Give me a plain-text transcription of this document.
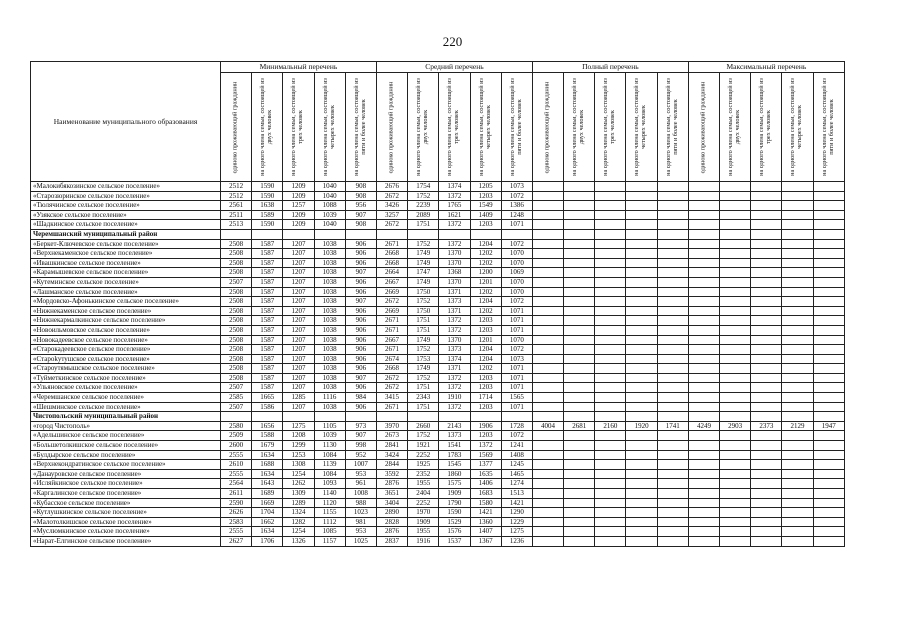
220
Наименование муниципального образования	Минимальный перечень					Средний перечень					Полный перечень					Максимальный перечень				

	одиноко проживающий гражданин	на одного члена семьи, состоящей из двух человек	на одного члена семьи, состоящей из трех человек	на одного члена семьи, состоящей из четырех человек	на одного члена семьи, состоящей из пяти и более человек	одиноко проживающий гражданин	на одного члена семьи, состоящей из двух человек	на одного члена семьи, состоящей из трех человек	на одного члена семьи, состоящей из четырех человек	на одного члена семьи, состоящей из пяти и более человек	одиноко проживающий гражданин	на одного члена семьи, состоящей из двух человек	на одного члена семьи, состоящей из трех человек	на одного члена семьи, состоящей из четырех человек	на одного члена семьи, состоящей из пяти и более человек	одиноко проживающий гражданин	на одного члена семьи, состоящей из двух человек	на одного члена семьи, состоящей из трех человек	на одного члена семьи, состоящей из четырех человек	на одного члена семьи, состоящей из пяти и более человек

«Малокибякозинское сельское поселение»	2512	1590	1209	1040	908	2676	1754	1374	1205	1073										
«Старозюринское сельское поселение»	2512	1590	1209	1040	908	2672	1752	1372	1203	1072										
«Тюлячинское сельское поселение»	2561	1638	1257	1088	956	3426	2239	1765	1549	1386										
«Узякское сельское поселение»	2511	1589	1209	1039	907	3257	2089	1621	1409	1248										
«Шадкинское сельское поселение»	2513	1590	1209	1040	908	2672	1751	1372	1203	1071										
Черемшанский муниципальный район																				
«Беркет-Ключевское сельское поселение»	2508	1587	1207	1038	906	2671	1752	1372	1204	1072										
«Верхнекаменское сельское поселение»	2508	1587	1207	1038	906	2668	1749	1370	1202	1070										
«Ивашкинское сельское поселение»	2508	1587	1207	1038	906	2668	1749	1370	1202	1070										
«Карамышевское сельское поселение»	2508	1587	1207	1038	907	2664	1747	1368	1200	1069										
«Кутеминское сельское поселение»	2507	1587	1207	1038	906	2667	1749	1370	1201	1070										
«Лашманское сельское поселение»	2508	1587	1207	1038	906	2669	1750	1371	1202	1070										
«Мордовско-Афонькинское сельское поселение»	2508	1587	1207	1038	907	2672	1752	1373	1204	1072										
«Нижнекаменское сельское поселение»	2508	1587	1207	1038	906	2669	1750	1371	1202	1071										
«Нижнекармалкинское сельское поселение»	2508	1587	1207	1038	906	2671	1751	1372	1203	1071										
«Новоильмовское сельское поселение»	2508	1587	1207	1038	906	2671	1751	1372	1203	1071										
«Новокадеевское сельское поселение»	2508	1587	1207	1038	906	2667	1749	1370	1201	1070										
«Старокадеевское сельское поселение»	2508	1587	1207	1038	906	2671	1752	1373	1204	1072										
«Староkутушское сельское поселение»	2508	1587	1207	1038	906	2674	1753	1374	1204	1073										
«Староутямышское сельское поселение»	2508	1587	1207	1038	906	2668	1749	1371	1202	1071										
«Туйметкинское сельское поселение»	2508	1587	1207	1038	907	2672	1752	1372	1203	1071										
«Ульяновское сельское поселение»	2507	1587	1207	1038	906	2672	1751	1372	1203	1071										
«Черемшанское сельское поселение»	2585	1665	1285	1116	984	3415	2343	1910	1714	1565										
«Шешминское сельское поселение»	2507	1586	1207	1038	906	2671	1751	1372	1203	1071										
Чистопольский муниципальный район																				
«город Чистополь»	2580	1656	1275	1105	973	3970	2660	2143	1906	1728	4004	2681	2160	1920	1741	4249	2903	2373	2129	1947
«Адельшинское сельское поселение»	2509	1588	1208	1039	907	2673	1752	1373	1203	1072										
«Большетолкишское сельское поселение»	2600	1679	1299	1130	998	2841	1921	1541	1372	1241										
«Булдырское сельское поселение»	2555	1634	1253	1084	952	3424	2252	1783	1569	1408										
«Верхнекондратинское сельское поселение»	2610	1688	1308	1139	1007	2844	1925	1545	1377	1245										
«Данауровское сельское поселение»	2555	1634	1254	1084	953	3592	2352	1860	1635	1465										
«Исляйкинское сельское поселение»	2564	1643	1262	1093	961	2876	1955	1575	1406	1274										
«Каргалинское сельское поселение»	2611	1689	1309	1140	1008	3651	2404	1909	1683	1513										
«Кубасское сельское поселение»	2590	1669	1289	1120	988	3404	2252	1790	1580	1421										
«Кутлушкинское сельское поселение»	2626	1704	1324	1155	1023	2890	1970	1590	1421	1290										
«Малотолкишское сельское поселение»	2583	1662	1282	1112	981	2828	1909	1529	1360	1229										
«Муслюмкинское сельское поселение»	2555	1634	1254	1085	953	2876	1955	1576	1407	1275										
«Нарат-Елгинское сельское поселение»	2627	1706	1326	1157	1025	2837	1916	1537	1367	1236										
